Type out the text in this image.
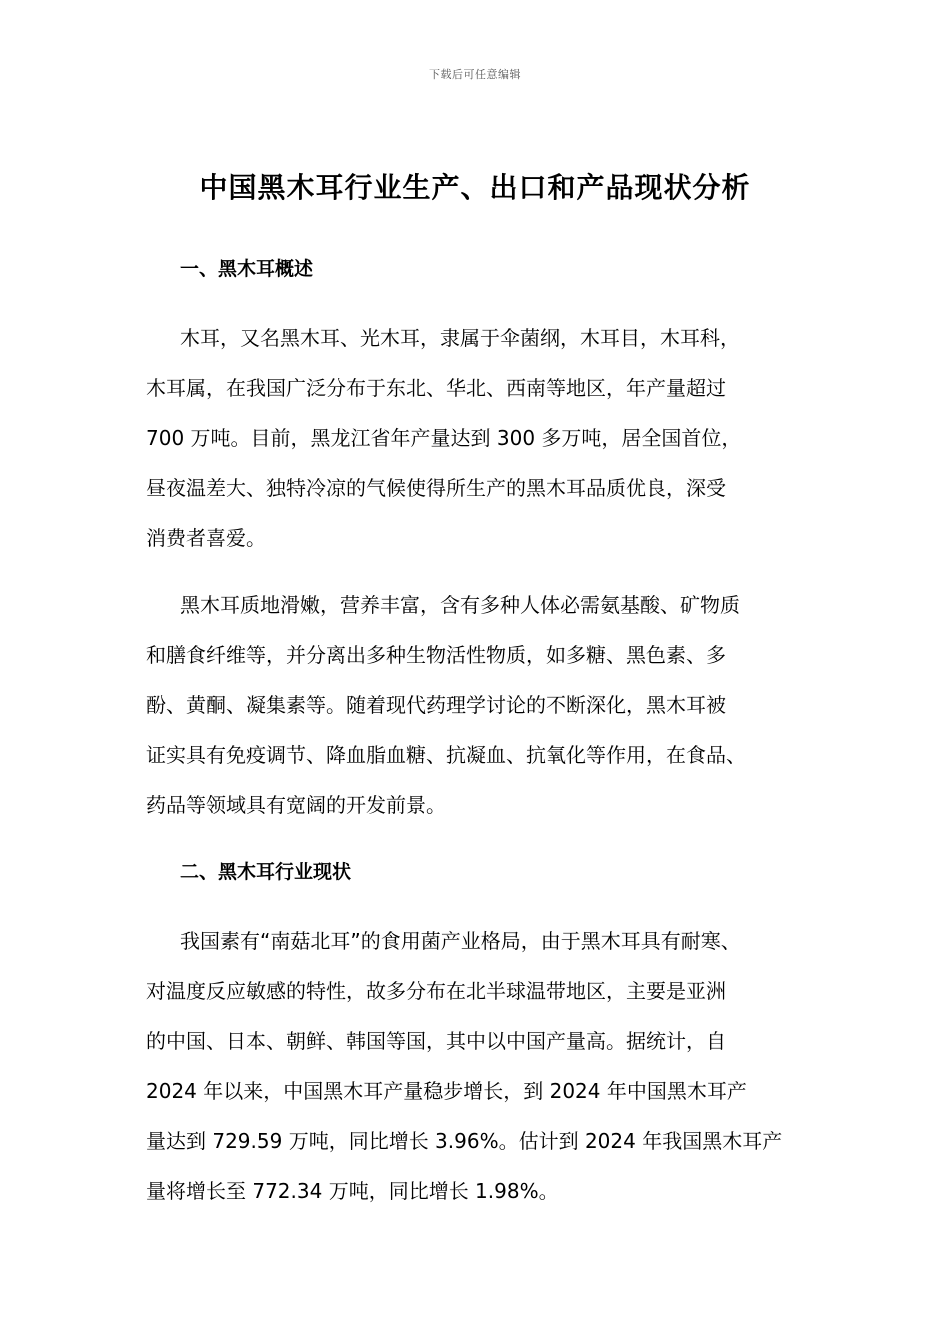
下载后可任意编辑
中国黑木耳行业生产、出口和产品现状分析
一、黑木耳概述
木耳，又名黑木耳、光木耳，隶属于伞菌纲，木耳目，木耳科，
木耳属，在我国广泛分布于东北、华北、西南等地区，年产量超过
700 万吨。目前，黑龙江省年产量达到 300 多万吨，居全国首位，
昼夜温差大、独特冷凉的气候使得所生产的黑木耳品质优良，深受
消费者喜爱。
黑木耳质地滑嫩，营养丰富，含有多种人体必需氨基酸、矿物质
和膳食纤维等，并分离出多种生物活性物质，如多糖、黑色素、多
酚、黄酮、凝集素等。随着现代药理学讨论的不断深化，黑木耳被
证实具有免疫调节、降血脂血糖、抗凝血、抗氧化等作用，在食品、
药品等领域具有宽阔的开发前景。
二、黑木耳行业现状
我国素有“南菇北耳”的食用菌产业格局，由于黑木耳具有耐寒、
对温度反应敏感的特性，故多分布在北半球温带地区，主要是亚洲
的中国、日本、朝鲜、韩国等国，其中以中国产量高。据统计，自
2024 年以来，中国黑木耳产量稳步增长，到 2024 年中国黑木耳产
量达到 729.59 万吨，同比增长 3.96%。估计到 2024 年我国黑木耳产
量将增长至 772.34 万吨，同比增长 1.98%。
